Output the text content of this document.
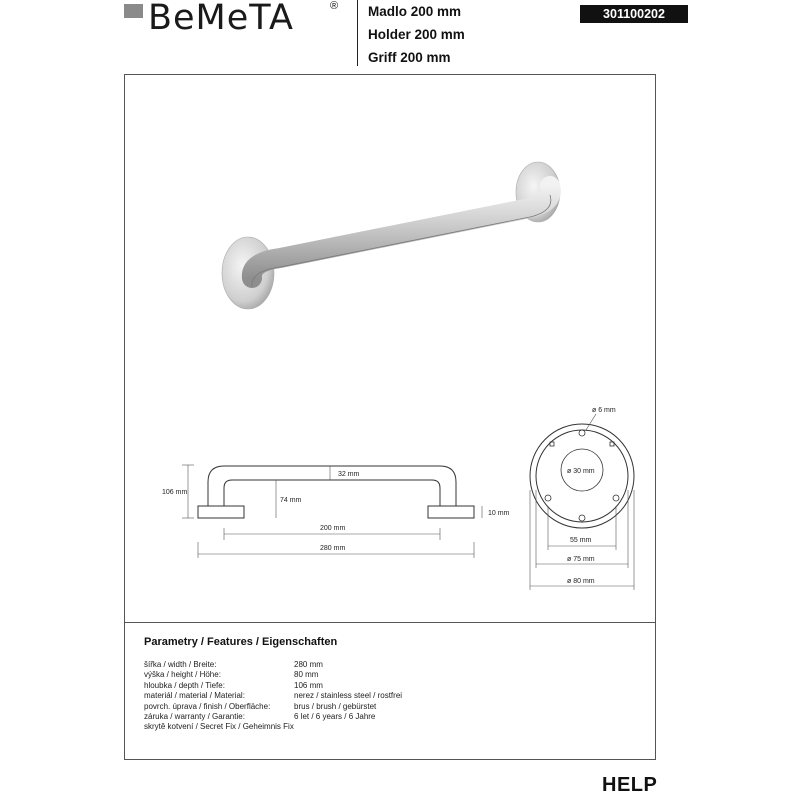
BeMeTA	® Madlo 200 mm
Holder 200 mm
Griff 200 mm
301100202
106 mm
74 mm
32 mm
10 mm
200 mm
280 mm
ø 6 mm
ø 30 mm
55 mm
ø 75 mm
ø 80 mm
Parametry / Features / Eigenschaften
šířka / width / Breite:	280 mm
výška / height / Höhe:	80 mm
hloubka / depth / Tiefe:	106 mm
materiál / material / Material:	nerez / stainless steel / rostfrei
povrch. úprava / finish / Oberfläche:	brus / brush / gebürstet
záruka / warranty / Garantie:	6 let / 6 years / 6 Jahre
skrytě kotvení / Secret Fix / Geheimnis Fix
HELP
